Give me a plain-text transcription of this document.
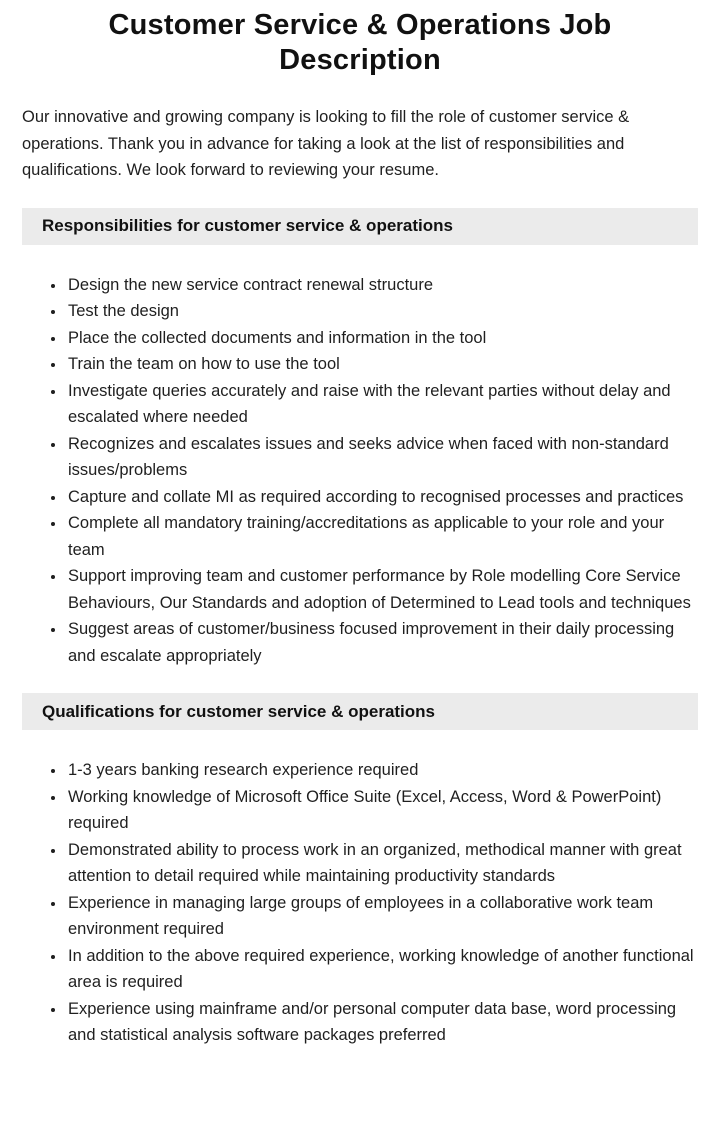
Customer Service & Operations Job Description

Our innovative and growing company is looking to fill the role of customer service & operations. Thank you in advance for taking a look at the list of responsibilities and qualifications. We look forward to reviewing your resume.

Responsibilities for customer service & operations
• Design the new service contract renewal structure
• Test the design
• Place the collected documents and information in the tool
• Train the team on how to use the tool
• Investigate queries accurately and raise with the relevant parties without delay and escalated where needed
• Recognizes and escalates issues and seeks advice when faced with non-standard issues/problems
• Capture and collate MI as required according to recognised processes and practices
• Complete all mandatory training/accreditations as applicable to your role and your team
• Support improving team and customer performance by Role modelling Core Service Behaviours, Our Standards and adoption of Determined to Lead tools and techniques
• Suggest areas of customer/business focused improvement in their daily processing and escalate appropriately
Qualifications for customer service & operations
• 1-3 years banking research experience required
• Working knowledge of Microsoft Office Suite (Excel, Access, Word & PowerPoint) required
• Demonstrated ability to process work in an organized, methodical manner with great attention to detail required while maintaining productivity standards
• Experience in managing large groups of employees in a collaborative work team environment required
• In addition to the above required experience, working knowledge of another functional area is required
• Experience using mainframe and/or personal computer data base, word processing and statistical analysis software packages preferred
